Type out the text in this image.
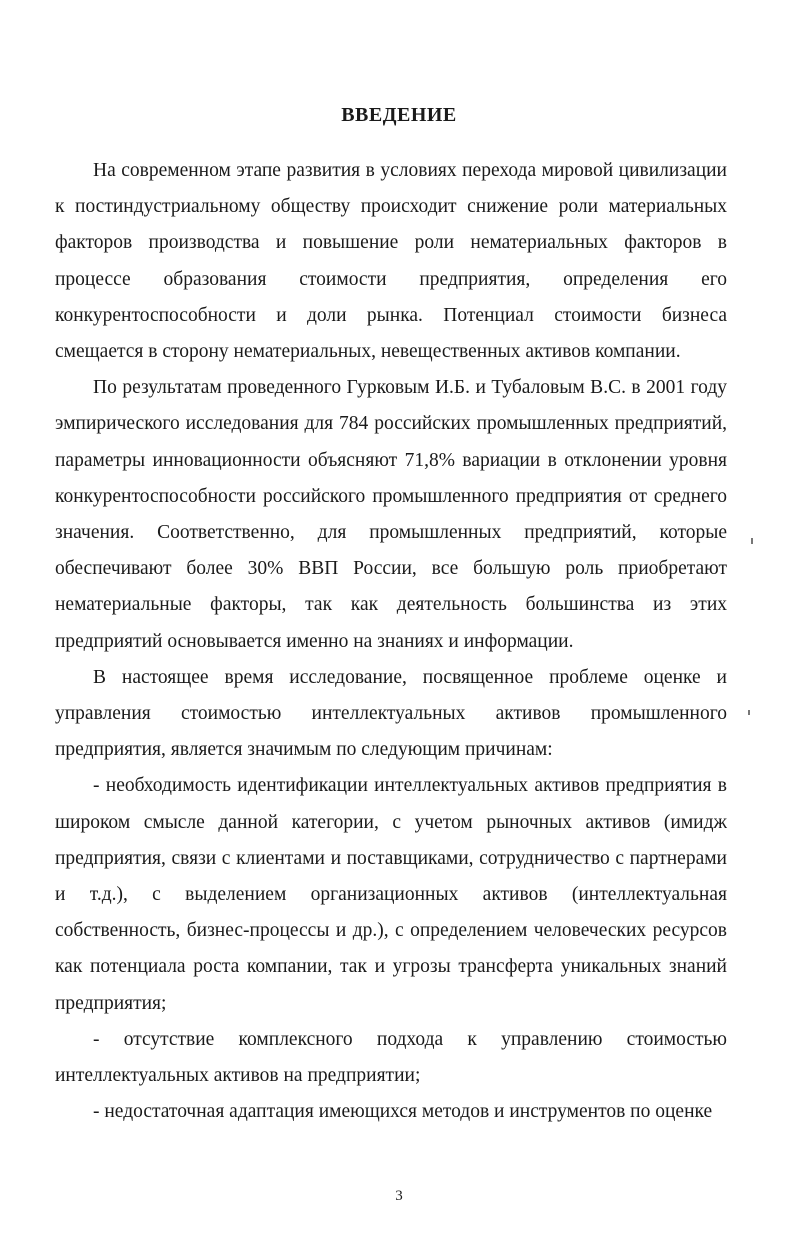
ВВЕДЕНИЕ

На современном этапе развития в условиях перехода мировой цивилизации к постиндустриальному обществу происходит снижение роли материальных факторов производства и повышение роли нематериальных факторов в процессе образования стоимости предприятия, определения его конкурентоспособности и доли рынка. Потенциал стоимости бизнеса смещается в сторону нематериальных, невещественных активов компании.

По результатам проведенного Гурковым И.Б. и Тубаловым В.С. в 2001 году эмпирического исследования для 784 российских промышленных предприятий, параметры инновационности объясняют 71,8% вариации в отклонении уровня конкурентоспособности российского промышленного предприятия от среднего значения. Соответственно, для промышленных предприятий, которые обеспечивают более 30% ВВП России, все большую роль приобретают нематериальные факторы, так как деятельность большинства из этих предприятий основывается именно на знаниях и информации.

В настоящее время исследование, посвященное проблеме оценке и управления стоимостью интеллектуальных активов промышленного предприятия, является значимым по следующим причинам:

- необходимость идентификации интеллектуальных активов предприятия в широком смысле данной категории, с учетом рыночных активов (имидж предприятия, связи с клиентами и поставщиками, сотрудничество с партнерами и т.д.), с выделением организационных активов (интеллектуальная собственность, бизнес-процессы и др.), с определением человеческих ресурсов как потенциала роста компании, так и угрозы трансферта уникальных знаний предприятия;

- отсутствие комплексного подхода к управлению стоимостью интеллектуальных активов на предприятии;

- недостаточная адаптация имеющихся методов и инструментов по оценке

3
